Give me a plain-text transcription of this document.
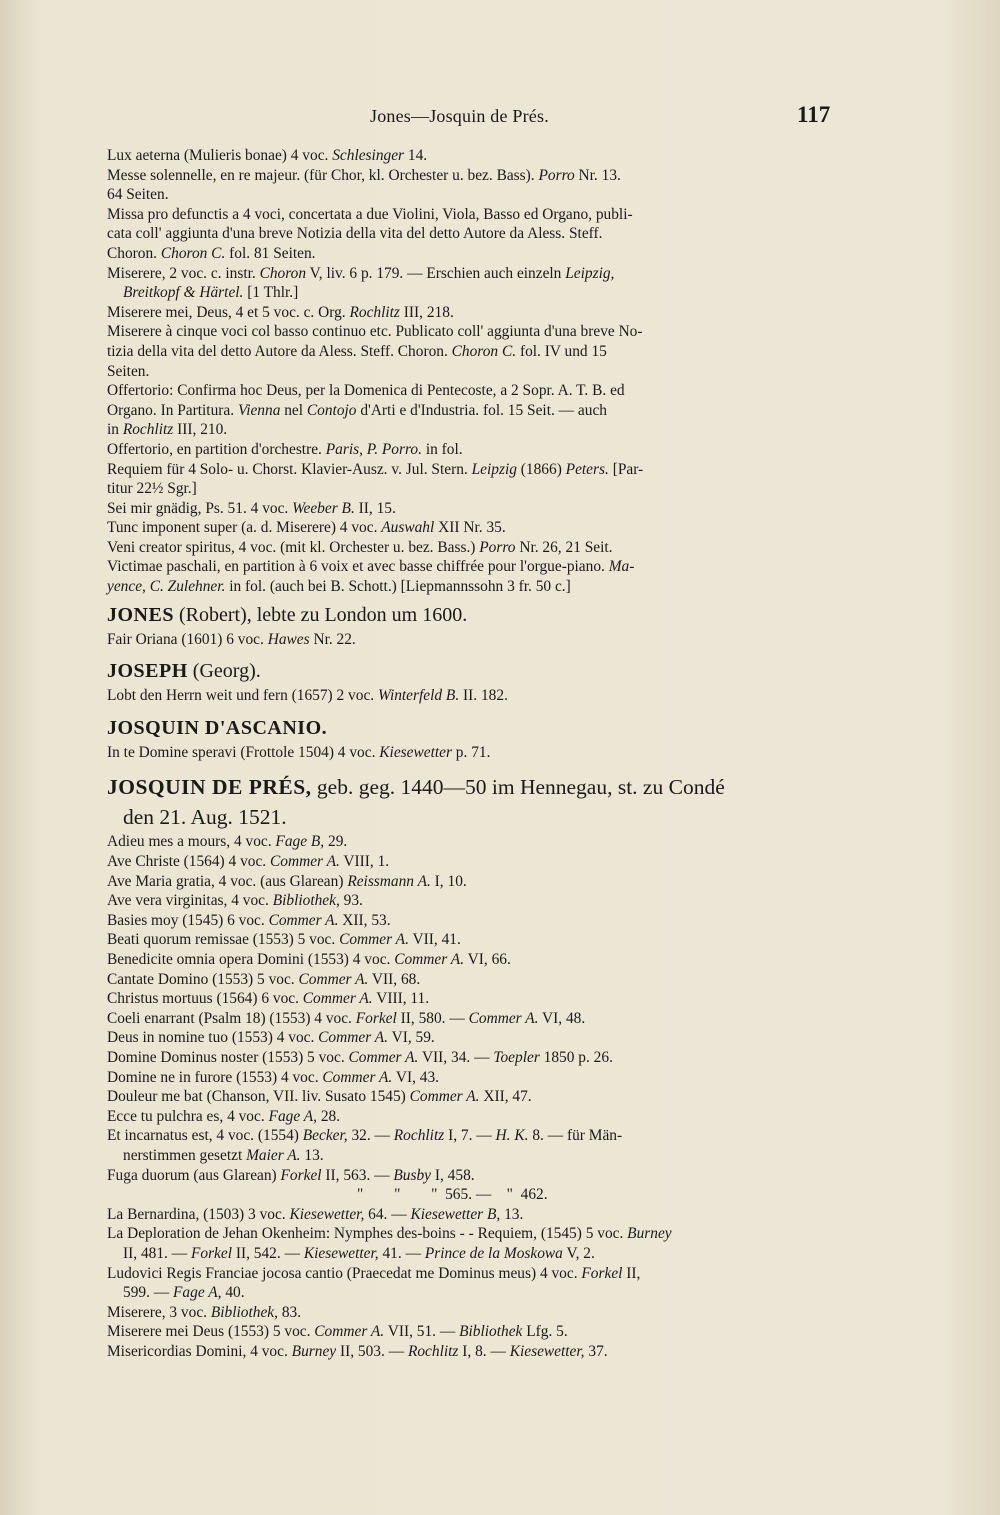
Jones—Josquin de Prés.	117
Lux aeterna (Mulieris bonae) 4 voc. Schlesinger 14.
Messe solennelle, en re majeur. (für Chor, kl. Orchester u. bez. Bass). Porro Nr. 13.
64 Seiten.
Missa pro defunctis a 4 voci, concertata a due Violini, Viola, Basso ed Organo, publi-
cata coll' aggiunta d'una breve Notizia della vita del detto Autore da Aless. Steff.
Choron. Choron C. fol. 81 Seiten.
Miserere, 2 voc. c. instr. Choron V, liv. 6 p. 179. — Erschien auch einzeln Leipzig,
Breitkopf & Härtel. [1 Thlr.]
Miserere mei, Deus, 4 et 5 voc. c. Org. Rochlitz III, 218.
Miserere à cinque voci col basso continuo etc. Publicato coll' aggiunta d'una breve No-
tizia della vita del detto Autore da Aless. Steff. Choron. Choron C. fol. IV und 15
Seiten.
Offertorio: Confirma hoc Deus, per la Domenica di Pentecoste, a 2 Sopr. A. T. B. ed
Organo. In Partitura. Vienna nel Contojo d'Arti e d'Industria. fol. 15 Seit. — auch
in Rochlitz III, 210.
Offertorio, en partition d'orchestre. Paris, P. Porro. in fol.
Requiem für 4 Solo- u. Chorst. Klavier-Ausz. v. Jul. Stern. Leipzig (1866) Peters. [Par-
titur 22½ Sgr.]
Sei mir gnädig, Ps. 51. 4 voc. Weeber B. II, 15.
Tunc imponent super (a. d. Miserere) 4 voc. Auswahl XII Nr. 35.
Veni creator spiritus, 4 voc. (mit kl. Orchester u. bez. Bass.) Porro Nr. 26, 21 Seit.
Victimae paschali, en partition à 6 voix et avec basse chiffrée pour l'orgue-piano. Ma-
yence, C. Zulehner. in fol. (auch bei B. Schott.) [Liepmannssohn 3 fr. 50 c.]
JONES (Robert), lebte zu London um 1600.
Fair Oriana (1601) 6 voc. Hawes Nr. 22.
JOSEPH (Georg).
Lobt den Herrn weit und fern (1657) 2 voc. Winterfeld B. II. 182.
JOSQUIN D'ASCANIO.
In te Domine speravi (Frottole 1504) 4 voc. Kiesewetter p. 71.
JOSQUIN DE PRÉS, geb. geg. 1440—50 im Hennegau, st. zu Condé
den 21. Aug. 1521.
Adieu mes a mours, 4 voc. Fage B, 29.
Ave Christe (1564) 4 voc. Commer A. VIII, 1.
Ave Maria gratia, 4 voc. (aus Glarean) Reissmann A. I, 10.
Ave vera virginitas, 4 voc. Bibliothek, 93.
Basies moy (1545) 6 voc. Commer A. XII, 53.
Beati quorum remissae (1553) 5 voc. Commer A. VII, 41.
Benedicite omnia opera Domini (1553) 4 voc. Commer A. VI, 66.
Cantate Domino (1553) 5 voc. Commer A. VII, 68.
Christus mortuus (1564) 6 voc. Commer A. VIII, 11.
Coeli enarrant (Psalm 18) (1553) 4 voc. Forkel II, 580. — Commer A. VI, 48.
Deus in nomine tuo (1553) 4 voc. Commer A. VI, 59.
Domine Dominus noster (1553) 5 voc. Commer A. VII, 34. — Toepler 1850 p. 26.
Domine ne in furore (1553) 4 voc. Commer A. VI, 43.
Douleur me bat (Chanson, VII. liv. Susato 1545) Commer A. XII, 47.
Ecce tu pulchra es, 4 voc. Fage A, 28.
Et incarnatus est, 4 voc. (1554) Becker, 32. — Rochlitz I, 7. — H. K. 8. — für Män-
nerstimmen gesetzt Maier A. 13.
Fuga duorum (aus Glarean) Forkel II, 563. — Busby I, 458.
"        "        "  565. —    "  462.
La Bernardina, (1503) 3 voc. Kiesewetter, 64. — Kiesewetter B, 13.
La Deploration de Jehan Okenheim: Nymphes des-boins - - Requiem, (1545) 5 voc. Burney
II, 481. — Forkel II, 542. — Kiesewetter, 41. — Prince de la Moskowa V, 2.
Ludovici Regis Franciae jocosa cantio (Praecedat me Dominus meus) 4 voc. Forkel II,
599. — Fage A, 40.
Miserere, 3 voc. Bibliothek, 83.
Miserere mei Deus (1553) 5 voc. Commer A. VII, 51. — Bibliothek Lfg. 5.
Misericordias Domini, 4 voc. Burney II, 503. — Rochlitz I, 8. — Kiesewetter, 37.
